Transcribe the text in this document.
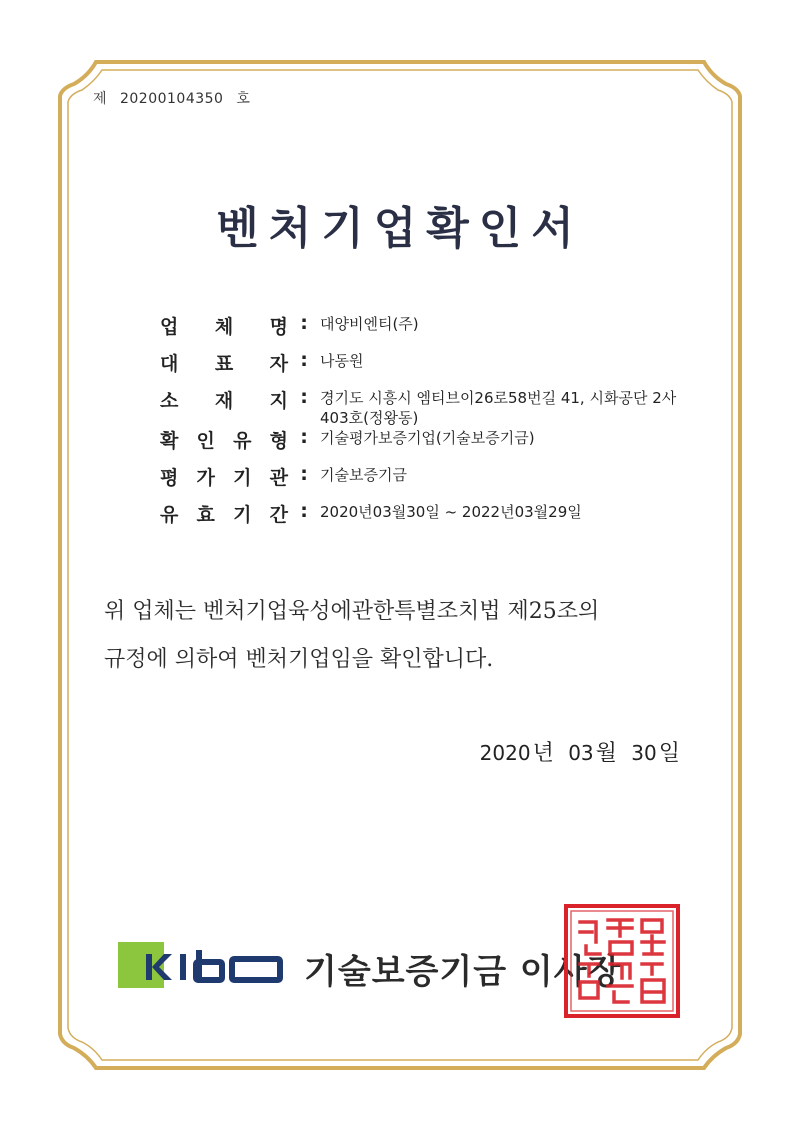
제 20200104350 호
벤처기업확인서
업 체 명 : 대양비엔티(주)
대 표 자 : 나동원
소 재 지 : 경기도 시흥시 엠티브이26로58번길 41, 시화공단 2사 403호(정왕동)
확 인 유 형 : 기술평가보증기업(기술보증기금)
평 가 기 관 : 기술보증기금
유 효 기 간 : 2020년03월30일 ~ 2022년03월29일
위 업체는 벤처기업육성에관한특별조치법 제25조의
규정에 의하여 벤처기업임을 확인합니다.
2020년 03월 30일
기술보증기금 이사장
